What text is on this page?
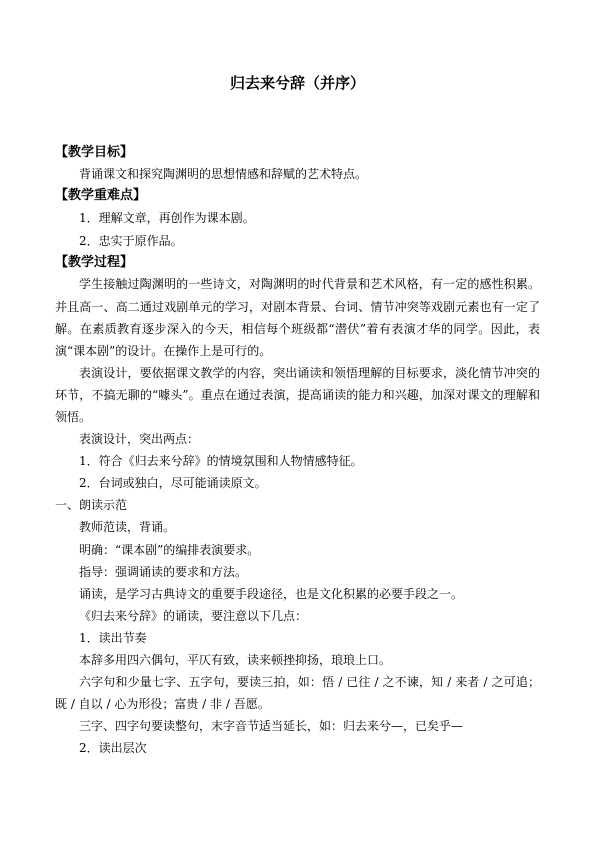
归去来兮辞（并序）
【教学目标】
背诵课文和探究陶渊明的思想情感和辞赋的艺术特点。
【教学重难点】
1．理解文章，再创作为课本剧。
2．忠实于原作品。
【教学过程】
学生接触过陶渊明的一些诗文，对陶渊明的时代背景和艺术风格，有一定的感性积累。
并且高一、高二通过戏剧单元的学习，对剧本背景、台词、情节冲突等戏剧元素也有一定了
解。在素质教育逐步深入的今天，相信每个班级都“潜伏”着有表演才华的同学。因此，表
演“课本剧”的设计。在操作上是可行的。
表演设计，要依据课文教学的内容，突出诵读和领悟理解的目标要求，淡化情节冲突的
环节，不搞无聊的“噱头”。重点在通过表演，提高诵读的能力和兴趣，加深对课文的理解和
领悟。
表演设计，突出两点：
1．符合《归去来兮辞》的情境氛围和人物情感特征。
2．台词或独白，尽可能诵读原文。
一、朗读示范
教师范读，背诵。
明确：“课本剧”的编排表演要求。
指导：强调诵读的要求和方法。
诵读，是学习古典诗文的重要手段途径，也是文化积累的必要手段之一。
《归去来兮辞》的诵读，要注意以下几点：
1．读出节奏
本辞多用四六偶句，平仄有致，读来顿挫抑扬，琅琅上口。
六字句和少量七字、五字句，要读三拍，如：悟 / 已往 / 之不谏，知 / 来者 / 之可追；
既 / 自以 / 心为形役；富贵 / 非 / 吾愿。
三字、四字句要读整句，末字音节适当延长，如：归去来兮—，已矣乎—
2．读出层次
